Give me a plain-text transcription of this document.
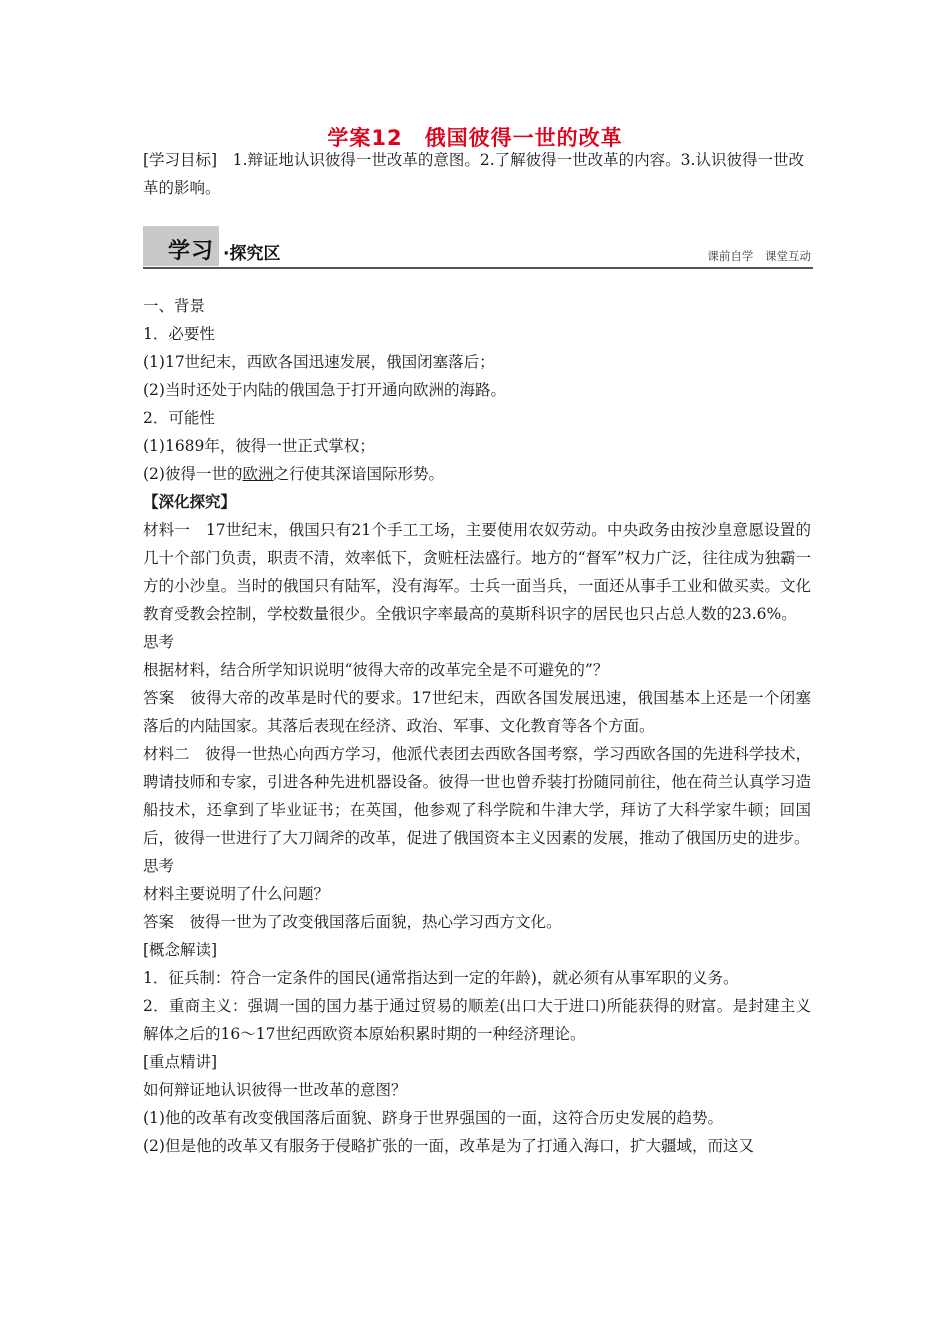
学案12　俄国彼得一世的改革
[学习目标]　1.辩证地认识彼得一世改革的意图。2.了解彼得一世改革的内容。3.认识彼得一世改革的影响。
学习 ·探究区	课前自学 课堂互动

一、背景

1．必要性

(1)17世纪末，西欧各国迅速发展，俄国闭塞落后；

(2)当时还处于内陆的俄国急于打开通向欧洲的海路。

2．可能性

(1)1689年，彼得一世正式掌权；

(2)彼得一世的欧洲之行使其深谙国际形势。

【深化探究】

材料一　17世纪末，俄国只有21个手工工场，主要使用农奴劳动。中央政务由按沙皇意愿设置的几十个部门负责，职责不清，效率低下，贪赃枉法盛行。地方的“督军”权力广泛，往往成为独霸一方的小沙皇。当时的俄国只有陆军，没有海军。士兵一面当兵，一面还从事手工业和做买卖。文化教育受教会控制，学校数量很少。全俄识字率最高的莫斯科识字的居民也只占总人数的23.6%。

思考

根据材料，结合所学知识说明“彼得大帝的改革完全是不可避免的”？

答案　彼得大帝的改革是时代的要求。17世纪末，西欧各国发展迅速，俄国基本上还是一个闭塞落后的内陆国家。其落后表现在经济、政治、军事、文化教育等各个方面。

材料二　彼得一世热心向西方学习，他派代表团去西欧各国考察，学习西欧各国的先进科学技术，聘请技师和专家，引进各种先进机器设备。彼得一世也曾乔装打扮随同前往，他在荷兰认真学习造船技术，还拿到了毕业证书；在英国，他参观了科学院和牛津大学，拜访了大科学家牛顿；回国后，彼得一世进行了大刀阔斧的改革，促进了俄国资本主义因素的发展，推动了俄国历史的进步。

思考

材料主要说明了什么问题？

答案　彼得一世为了改变俄国落后面貌，热心学习西方文化。

[概念解读]

1．征兵制：符合一定条件的国民(通常指达到一定的年龄)，就必须有从事军职的义务。

2．重商主义：强调一国的国力基于通过贸易的顺差(出口大于进口)所能获得的财富。是封建主义解体之后的16～17世纪西欧资本原始积累时期的一种经济理论。

[重点精讲]

如何辩证地认识彼得一世改革的意图？

(1)他的改革有改变俄国落后面貌、跻身于世界强国的一面，这符合历史发展的趋势。

(2)但是他的改革又有服务于侵略扩张的一面，改革是为了打通入海口，扩大疆域，而这又
